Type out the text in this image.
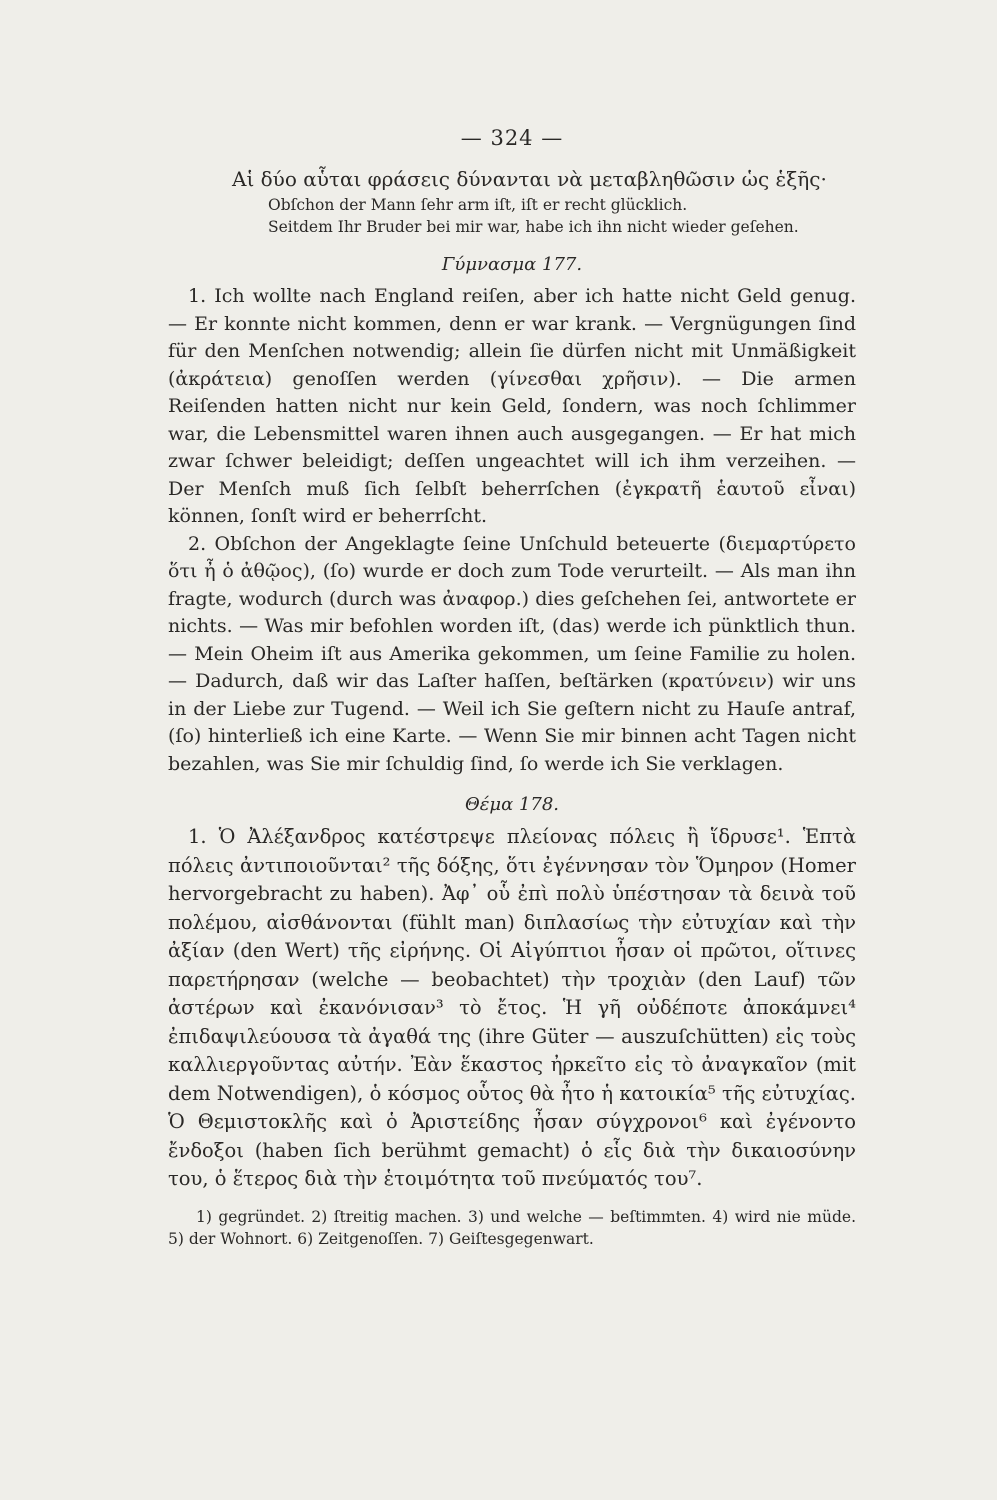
— 324 —
Αἱ δύο αὗται φράσεις δύνανται νὰ μεταβληθῶσιν ὡς ἑξῆς·
Obſchon der Mann ſehr arm iſt, iſt er recht glücklich.
Seitdem Ihr Bruder bei mir war, habe ich ihn nicht wieder geſehen.
Γύμνασμα 177.

1. Ich wollte nach England reiſen, aber ich hatte nicht Geld genug. — Er konnte nicht kommen, denn er war krank. — Vergnügungen ſind für den Menſchen notwendig; allein ſie dürfen nicht mit Unmäßigkeit (ἀκράτεια) genoſſen werden (γίνεσθαι χρῆσιν). — Die armen Reiſenden hatten nicht nur kein Geld, ſondern, was noch ſchlimmer war, die Lebensmittel waren ihnen auch ausgegangen. — Er hat mich zwar ſchwer beleidigt; deſſen ungeachtet will ich ihm verzeihen. — Der Menſch muß ſich ſelbſt beherrſchen (ἐγκρατῆ ἑαυτοῦ εἶναι) können, ſonſt wird er beherrſcht.

2. Obſchon der Angeklagte ſeine Unſchuld beteuerte (διεμαρτύρετο ὅτι ἦ ὁ ἀθῷος), (ſo) wurde er doch zum Tode verurteilt. — Als man ihn fragte, wodurch (durch was ἀναφορ.) dies geſchehen ſei, antwortete er nichts. — Was mir befohlen worden iſt, (das) werde ich pünktlich thun. — Mein Oheim iſt aus Amerika gekommen, um ſeine Familie zu holen. — Dadurch, daß wir das Laſter haſſen, beſtärken (κρατύνειν) wir uns in der Liebe zur Tugend. — Weil ich Sie geſtern nicht zu Hauſe antraf, (ſo) hinterließ ich eine Karte. — Wenn Sie mir binnen acht Tagen nicht bezahlen, was Sie mir ſchuldig ſind, ſo werde ich Sie verklagen.

Θέμα 178.

1. Ὁ Ἀλέξανδρος κατέστρεψε πλείονας πόλεις ἢ ἵδρυσε¹. Ἑπτὰ πόλεις ἀντιποιοῦνται² τῆς δόξης, ὅτι ἐγέννησαν τὸν Ὅμηρον (Homer hervorgebracht zu haben). Ἀφ᾽ οὗ ἐπὶ πολὺ ὑπέστησαν τὰ δεινὰ τοῦ πολέμου, αἰσθάνονται (fühlt man) διπλασίως τὴν εὐτυχίαν καὶ τὴν ἀξίαν (den Wert) τῆς εἰρήνης. Οἱ Αἰγύπτιοι ἦσαν οἱ πρῶτοι, οἵτινες παρετήρησαν (welche — beobachtet) τὴν τροχιὰν (den Lauf) τῶν ἀστέρων καὶ ἐκανόνισαν³ τὸ ἔτος. Ἡ γῆ οὐδέποτε ἀποκάμνει⁴ ἐπιδαψιλεύουσα τὰ ἀγαθά της (ihre Güter — auszuſchütten) εἰς τοὺς καλλιεργοῦντας αὐτήν. Ἐὰν ἕκαστος ἠρκεῖτο εἰς τὸ ἀναγκαῖον (mit dem Notwendigen), ὁ κόσμος οὗτος θὰ ἦτο ἡ κατοικία⁵ τῆς εὐτυχίας. Ὁ Θεμιστοκλῆς καὶ ὁ Ἀριστείδης ἦσαν σύγχρονοι⁶ καὶ ἐγένοντο ἔνδοξοι (haben ſich berühmt gemacht) ὁ εἷς διὰ τὴν δικαιοσύνην του, ὁ ἕτερος διὰ τὴν ἑτοιμότητα τοῦ πνεύματός του⁷.

1) gegründet. 2) ſtreitig machen. 3) und welche — beſtimmten. 4) wird nie müde. 5) der Wohnort. 6) Zeitgenoſſen. 7) Geiſtesgegenwart.
